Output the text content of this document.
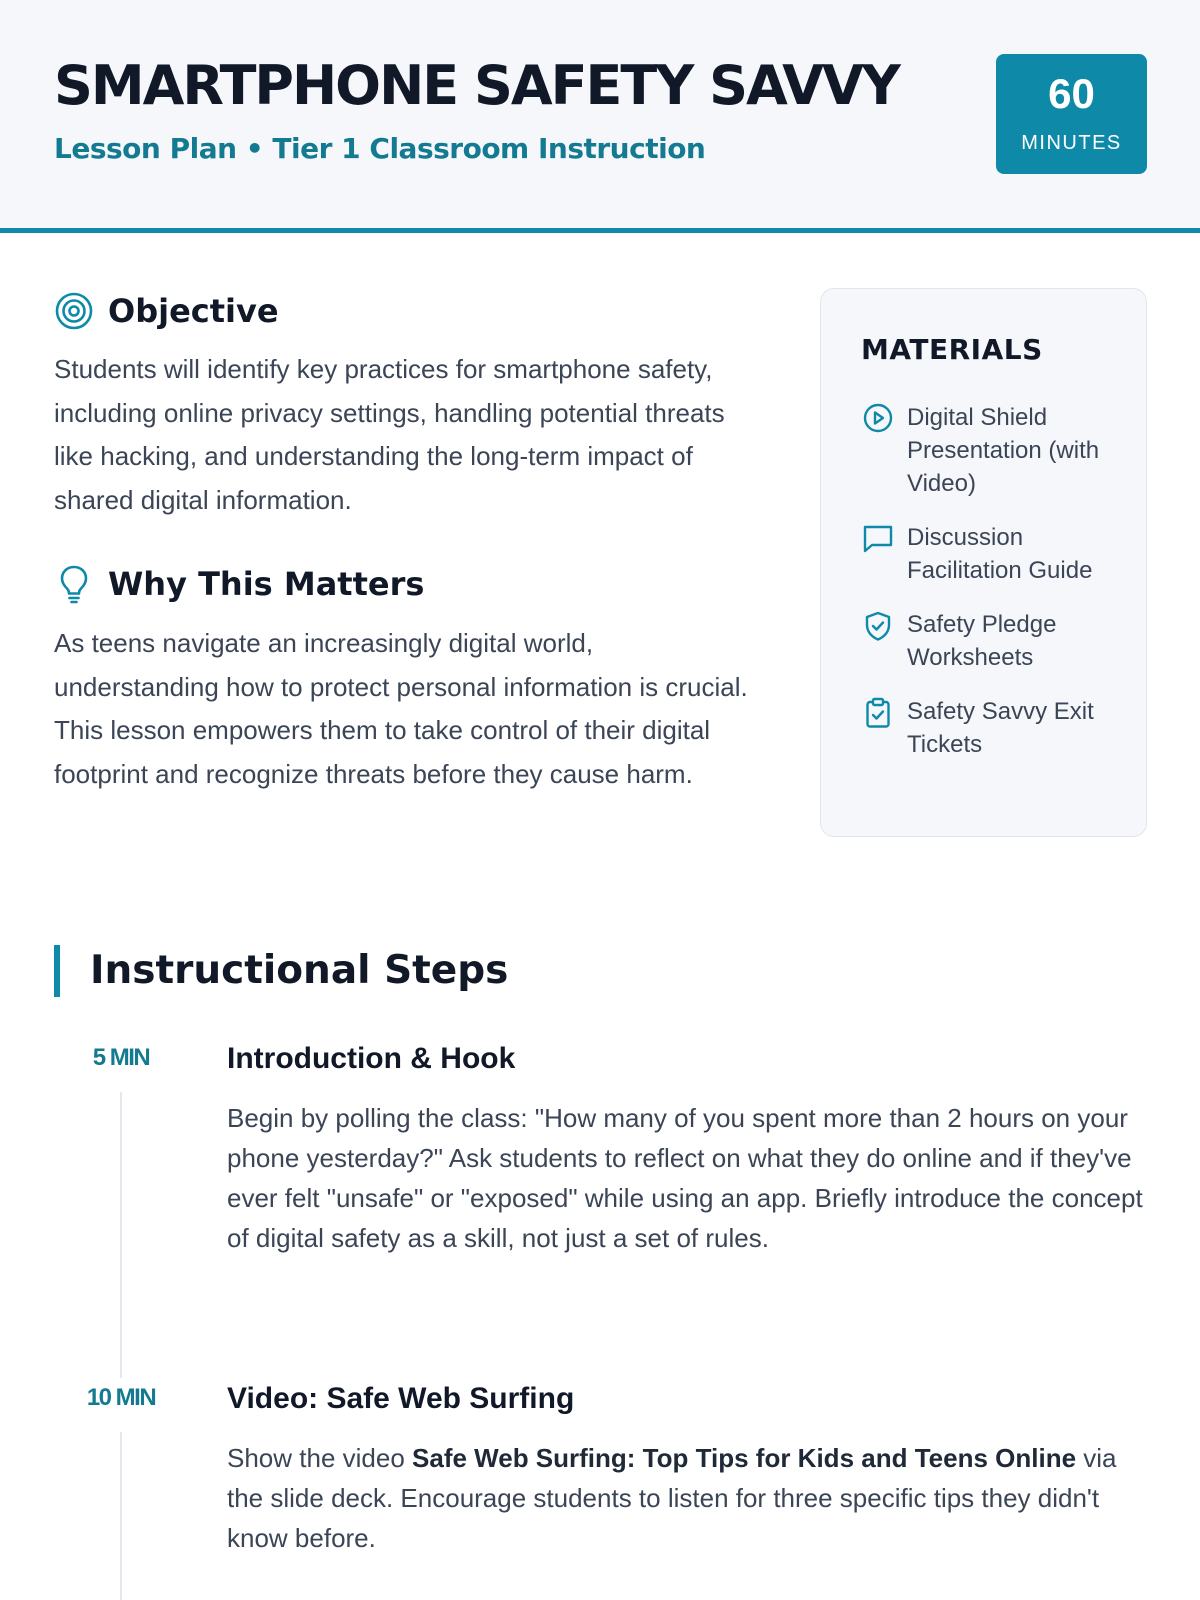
SMARTPHONE SAFETY SAVVY
Lesson Plan • Tier 1 Classroom Instruction
60
MINUTES
Objective
Students will identify key practices for smartphone safety, including online privacy settings, handling potential threats like hacking, and understanding the long-term impact of shared digital information.
Why This Matters
As teens navigate an increasingly digital world, understanding how to protect personal information is crucial. This lesson empowers them to take control of their digital footprint and recognize threats before they cause harm.
MATERIALS
Digital Shield Presentation (with Video)
Discussion Facilitation Guide
Safety Pledge Worksheets
Safety Savvy Exit Tickets
Instructional Steps
5 MIN	Introduction & Hook
Begin by polling the class: "How many of you spent more than 2 hours on your phone yesterday?" Ask students to reflect on what they do online and if they've ever felt "unsafe" or "exposed" while using an app. Briefly introduce the concept of digital safety as a skill, not just a set of rules.
10 MIN	Video: Safe Web Surfing
Show the video Safe Web Surfing: Top Tips for Kids and Teens Online via the slide deck. Encourage students to listen for three specific tips they didn't know before.
